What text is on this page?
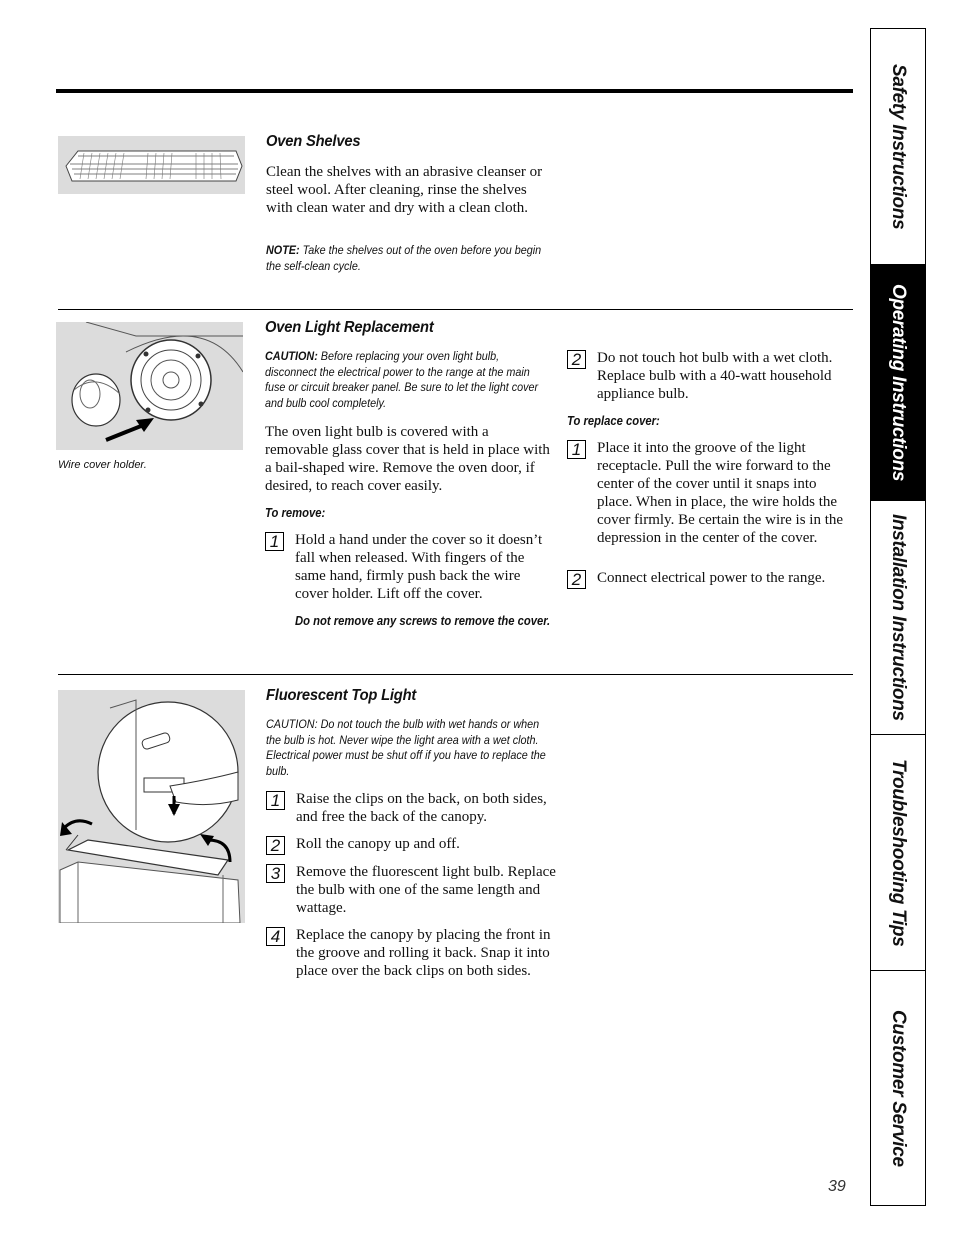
Oven Shelves
Clean the shelves with an abrasive cleanser or steel wool. After cleaning, rinse the shelves with clean water and dry with a clean cloth.
NOTE: Take the shelves out of the oven before you begin the self-clean cycle.
Wire cover holder.
Oven Light Replacement
CAUTION: Before replacing your oven light bulb, disconnect the electrical power to the range at the main fuse or circuit breaker panel. Be sure to let the light cover and bulb cool completely.
The oven light bulb is covered with a removable glass cover that is held in place with a bail-shaped wire. Remove the oven door, if desired, to reach cover easily.
To remove:
1	Hold a hand under the cover so it doesn’t fall when released. With fingers of the same hand, firmly push back the wire cover holder. Lift off the cover.
Do not remove any screws to remove the cover.
2	Do not touch hot bulb with a wet cloth. Replace bulb with a 40-watt household appliance bulb.
To replace cover:
1	Place it into the groove of the light receptacle. Pull the wire forward to the center of the cover until it snaps into place. When in place, the wire holds the cover firmly. Be certain the wire is in the depression in the center of the cover.
2	Connect electrical power to the range.
Fluorescent Top Light
CAUTION: Do not touch the bulb with wet hands or when the bulb is hot. Never wipe the light area with a wet cloth. Electrical power must be shut off if you have to replace the bulb.
1	Raise the clips on the back, on both sides, and free the back of the canopy.
2	Roll the canopy up and off.
3	Remove the fluorescent light bulb. Replace the bulb with one of the same length and wattage.
4	Replace the canopy by placing the front in the groove and rolling it back. Snap it into place over the back clips on both sides.
39
Safety Instructions
Operating Instructions
Installation Instructions
Troubleshooting Tips
Customer Service
